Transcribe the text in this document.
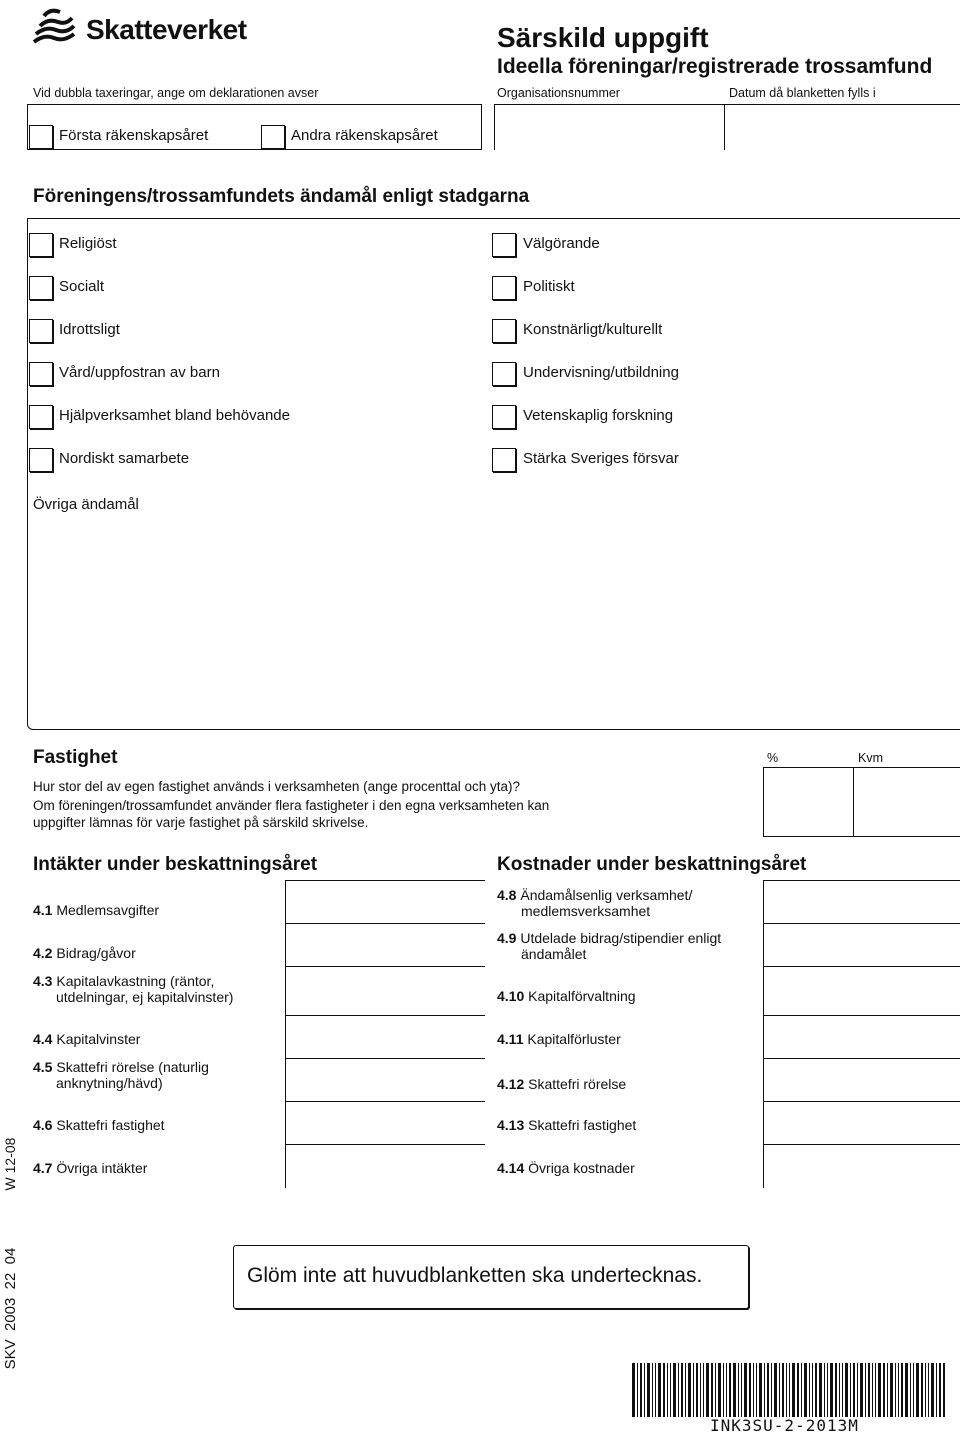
Skatteverket
Vid dubbla taxeringar, ange om deklarationen avser
Särskild uppgift
Ideella föreningar/registrerade trossamfund
Organisationsnummer	Datum då blanketten fylls i
Första räkenskapsåret	Andra räkenskapsåret
Föreningens/trossamfundets ändamål enligt stadgarna
Religiöst
Socialt
Idrottsligt
Vård/uppfostran av barn
Hjälpverksamhet bland behövande
Nordiskt samarbete
Välgörande
Politiskt
Konstnärligt/kulturellt
Undervisning/utbildning
Vetenskaplig forskning
Stärka Sveriges försvar
Övriga ändamål
Fastighet	%	Kvm
Hur stor del av egen fastighet används i verksamheten (ange procenttal och yta)?
Om föreningen/trossamfundet använder flera fastigheter i den egna verksamheten kan
uppgifter lämnas för varje fastighet på särskild skrivelse.
Intäkter under beskattningsåret
4.1 Medlemsavgifter
4.2 Bidrag/gåvor
4.3 Kapitalavkastning (räntor,
utdelningar, ej kapitalvinster)
4.4 Kapitalvinster
4.5 Skattefri rörelse (naturlig
anknytning/hävd)
4.6 Skattefri fastighet
4.7 Övriga intäkter
Kostnader under beskattningsåret
4.8 Ändamålsenlig verksamhet/
medlemsverksamhet
4.9 Utdelade bidrag/stipendier enligt
ändamålet
4.10 Kapitalförvaltning
4.11 Kapitalförluster
4.12 Skattefri rörelse
4.13 Skattefri fastighet
4.14 Övriga kostnader
SKV  2003  22  04
W 12-08
Glöm inte att huvudblanketten ska undertecknas.
INK3SU-2-2013M
